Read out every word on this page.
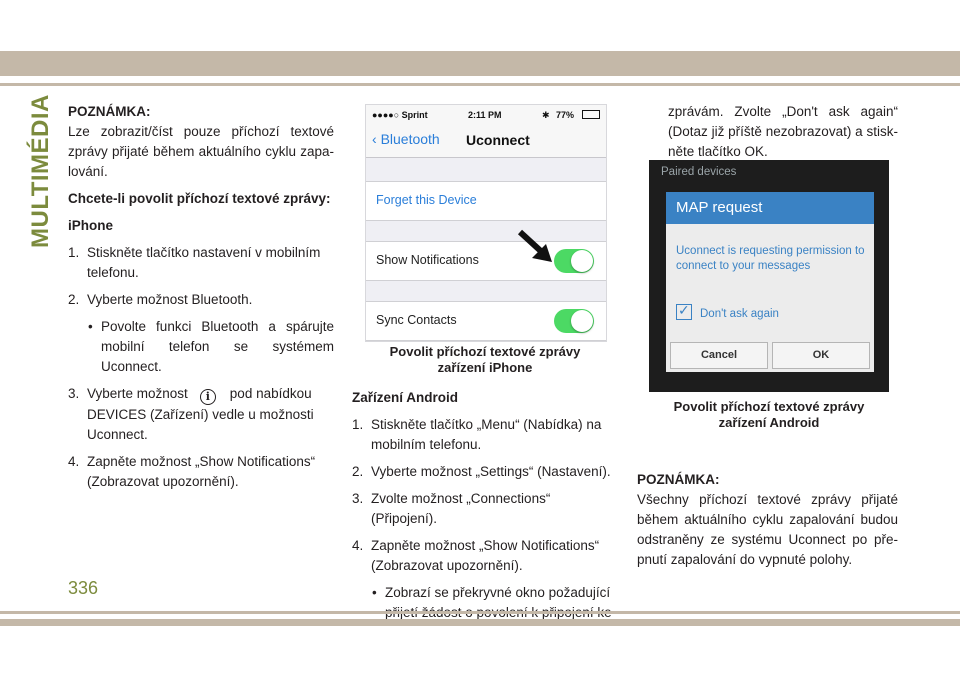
MULTIMÉDIA POZNÁMKA:

Lze zobrazit/číst pouze příchozí textové zprávy přijaté během aktuálního cyklu zapa-lování.

Chcete-li povolit příchozí textové zprávy:

iPhone

1. Stiskněte tlačítko nastavení v mobilním telefonu.
2. Vyberte možnost Bluetooth.
• Povolte funkci Bluetooth a spárujte mobilní telefon se systémem Uconnect.
3. Vyberte možnost i pod nabídkou DEVICES (Zařízení) vedle u možnosti Uconnect.
4. Zapněte možnost „Show Notifications“ (Zobrazovat upozornění).
●●●●○ Sprint	2:11 PM	✱ 77%
‹ Bluetooth Uconnect
Forget this Device
Show Notifications
Sync Contacts
Povolit příchozí textové zprávy
zařízení iPhone

Zařízení Android

1. Stiskněte tlačítko „Menu“ (Nabídka) na mobilním telefonu.
2. Vyberte možnost „Settings“ (Nastavení).
3. Zvolte možnost „Connections“ (Připojení).
4. Zapněte možnost „Show Notifications“ (Zobrazovat upozornění).
• Zobrazí se překryvné okno požadující

zprávám. Zvolte „Don't ask again“ (Dotaz již příště nezobrazovat) a stisk-něte tlačítko OK.

Paired devices
MAP request
Uconnect is requesting permission to connect to your messages
✓Don't ask again
Cancel	OK
Povolit příchozí textové zprávy
zařízení Android

POZNÁMKA:

Všechny příchozí textové zprávy přijaté během aktuálního cyklu zapalování budou odstraněny ze systému Uconnect po pře-pnutí zapalování do vypnuté polohy.

336
